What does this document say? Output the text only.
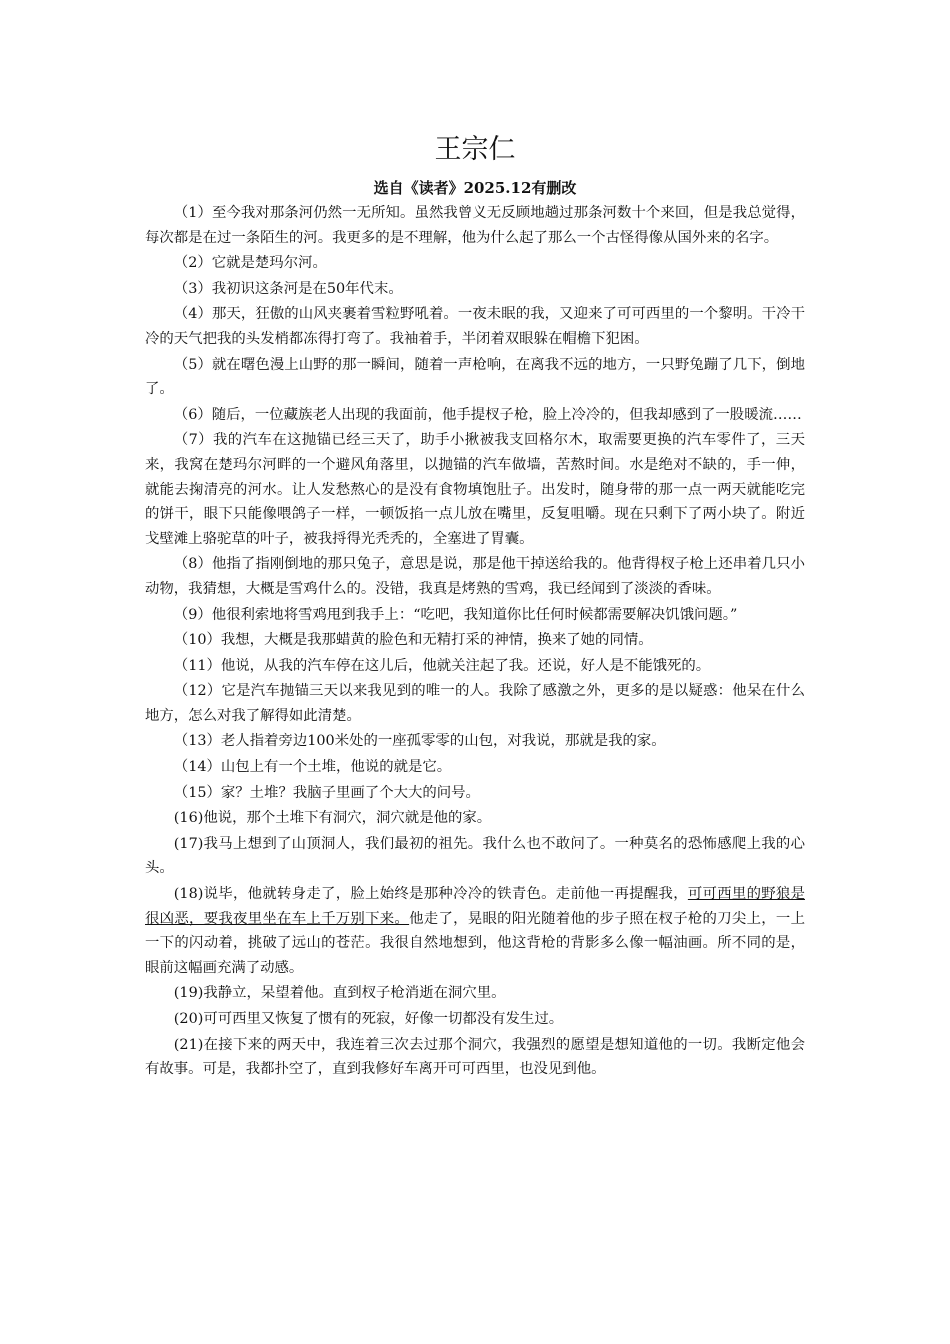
王宗仁
选自《读者》2025.12有删改

（1）至今我对那条河仍然一无所知。虽然我曾义无反顾地趟过那条河数十个来回，但是我总觉得，每次都是在过一条陌生的河。我更多的是不理解，他为什么起了那么一个古怪得像从国外来的名字。

（2）它就是楚玛尔河。

（3）我初识这条河是在50年代末。

（4）那天，狂傲的山风夹裹着雪粒野吼着。一夜未眠的我，又迎来了可可西里的一个黎明。干冷干冷的天气把我的头发梢都冻得打弯了。我袖着手，半闭着双眼躲在帽檐下犯困。

（5）就在曙色漫上山野的那一瞬间，随着一声枪响，在离我不远的地方，一只野兔蹦了几下，倒地了。

（6）随后，一位藏族老人出现的我面前，他手提杈子枪，脸上冷冷的，但我却感到了一股暖流……

（7）我的汽车在这抛锚已经三天了，助手小揪被我支回格尔木，取需要更换的汽车零件了，三天来，我窝在楚玛尔河畔的一个避风角落里，以抛锚的汽车做墙，苦熬时间。水是绝对不缺的，手一伸，就能去掬清亮的河水。让人发愁熬心的是没有食物填饱肚子。出发时，随身带的那一点一两天就能吃完的饼干，眼下只能像喂鸽子一样，一顿饭掐一点儿放在嘴里，反复咀嚼。现在只剩下了两小块了。附近戈壁滩上骆驼草的叶子，被我捋得光秃秃的，全塞进了胃囊。

（8）他指了指刚倒地的那只兔子，意思是说，那是他干掉送给我的。他背得杈子枪上还串着几只小动物，我猜想，大概是雪鸡什么的。没错，我真是烤熟的雪鸡，我已经闻到了淡淡的香味。

（9）他很利索地将雪鸡甩到我手上：“吃吧，我知道你比任何时候都需要解决饥饿问题。”

（10）我想，大概是我那蜡黄的脸色和无精打采的神情，换来了她的同情。

（11）他说，从我的汽车停在这儿后，他就关注起了我。还说，好人是不能饿死的。

（12）它是汽车抛锚三天以来我见到的唯一的人。我除了感激之外，更多的是以疑惑：他呆在什么地方，怎么对我了解得如此清楚。

（13）老人指着旁边100米处的一座孤零零的山包，对我说，那就是我的家。

（14）山包上有一个土堆，他说的就是它。

（15）家？土堆？我脑子里画了个大大的问号。

(16)他说，那个土堆下有洞穴，洞穴就是他的家。

(17)我马上想到了山顶洞人，我们最初的祖先。我什么也不敢问了。一种莫名的恐怖感爬上我的心头。

(18)说毕，他就转身走了，脸上始终是那种冷冷的铁青色。走前他一再提醒我，可可西里的野狼是很凶恶，要我夜里坐在车上千万别下来。他走了，晃眼的阳光随着他的步子照在杈子枪的刀尖上，一上一下的闪动着，挑破了远山的苍茫。我很自然地想到，他这背枪的背影多么像一幅油画。所不同的是，眼前这幅画充满了动感。

(19)我静立，呆望着他。直到杈子枪消逝在洞穴里。

(20)可可西里又恢复了惯有的死寂，好像一切都没有发生过。

(21)在接下来的两天中，我连着三次去过那个洞穴，我强烈的愿望是想知道他的一切。我断定他会有故事。可是，我都扑空了，直到我修好车离开可可西里，也没见到他。
